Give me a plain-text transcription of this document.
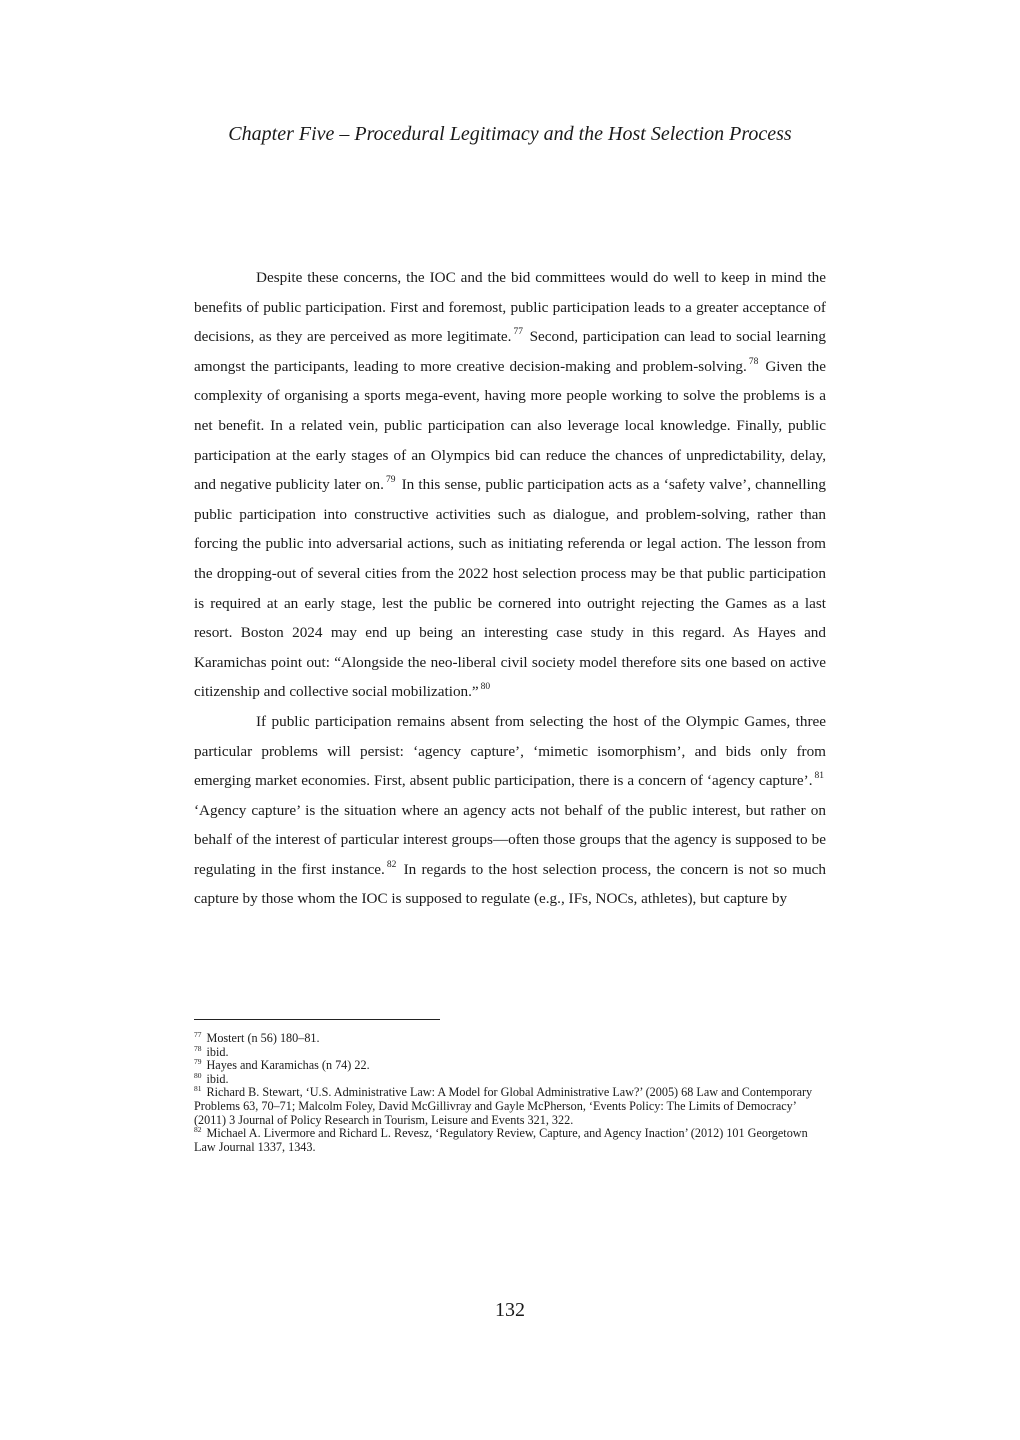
Chapter Five – Procedural Legitimacy and the Host Selection Process

Despite these concerns, the IOC and the bid committees would do well to keep in mind the benefits of public participation. First and foremost, public participation leads to a greater acceptance of decisions, as they are perceived as more legitimate. $^{77}$ Second, participation can lead to social learning amongst the participants, leading to more creative decision-making and problem-solving. $^{78}$ Given the complexity of organising a sports mega-event, having more people working to solve the problems is a net benefit. In a related vein, public participation can also leverage local knowledge. Finally, public participation at the early stages of an Olympics bid can reduce the chances of unpredictability, delay, and negative publicity later on. $^{79}$ In this sense, public participation acts as a ‘safety valve’, channelling public participation into constructive activities such as dialogue, and problem-solving, rather than forcing the public into adversarial actions, such as initiating referenda or legal action. The lesson from the dropping-out of several cities from the 2022 host selection process may be that public participation is required at an early stage, lest the public be cornered into outright rejecting the Games as a last resort. Boston 2024 may end up being an interesting case study in this regard. As Hayes and Karamichas point out: “Alongside the neo-liberal civil society model therefore sits one based on active citizenship and collective social mobilization.” $^{80}$

If public participation remains absent from selecting the host of the Olympic Games, three particular problems will persist: ‘agency capture’, ‘mimetic isomorphism’, and bids only from emerging market economies. First, absent public participation, there is a concern of ‘agency capture’. $^{81}$ ‘Agency capture’ is the situation where an agency acts not behalf of the public interest, but rather on behalf of the interest of particular interest groups—often those groups that the agency is supposed to be regulating in the first instance. $^{82}$ In regards to the host selection process, the concern is not so much capture by those whom the IOC is supposed to regulate (e.g., IFs, NOCs, athletes), but capture by

$^{77}$ Mostert (n 56) 180–81.
$^{78}$ ibid.
$^{79}$ Hayes and Karamichas (n 74) 22.
$^{80}$ ibid.
$^{81}$ Richard B. Stewart, ‘U.S. Administrative Law: A Model for Global Administrative Law?’ (2005) 68 Law and Contemporary Problems 63, 70–71; Malcolm Foley, David McGillivray and Gayle McPherson, ‘Events Policy: The Limits of Democracy’ (2011) 3 Journal of Policy Research in Tourism, Leisure and Events 321, 322.
$^{82}$ Michael A. Livermore and Richard L. Revesz, ‘Regulatory Review, Capture, and Agency Inaction’ (2012) 101 Georgetown Law Journal 1337, 1343.
132
